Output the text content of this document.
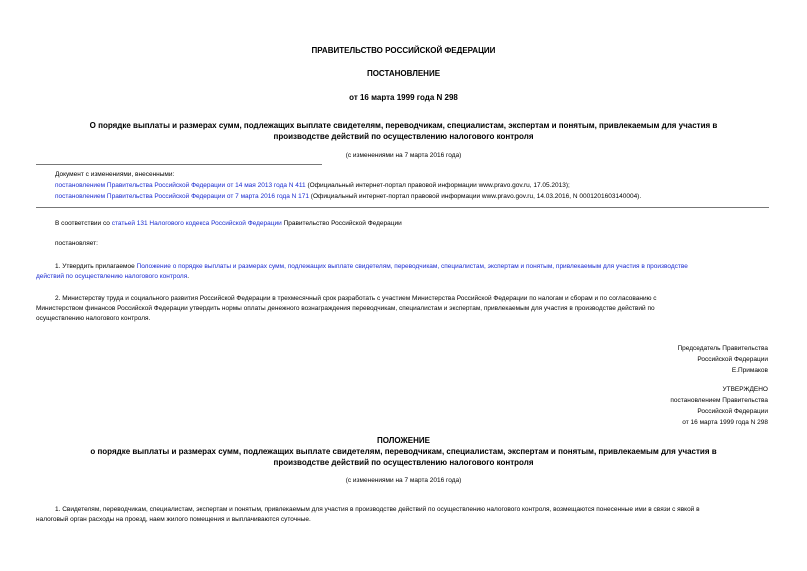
ПРАВИТЕЛЬСТВО РОССИЙСКОЙ ФЕДЕРАЦИИ
ПОСТАНОВЛЕНИЕ
от 16 марта 1999 года N 298
О порядке выплаты и размерах сумм, подлежащих выплате свидетелям, переводчикам, специалистам, экспертам и понятым, привлекаемым для участия в
производстве действий по осуществлению налогового контроля
(с изменениями на 7 марта 2016 года)
Документ с изменениями, внесенными:
постановлением Правительства Российской Федерации от 14 мая 2013 года N 411 (Официальный интернет-портал правовой информации www.pravo.gov.ru, 17.05.2013);
постановлением Правительства Российской Федерации от 7 марта 2016 года N 171 (Официальный интернет-портал правовой информации www.pravo.gov.ru, 14.03.2016, N 0001201603140004).
В соответствии со статьей 131 Налогового кодекса Российской Федерации Правительство Российской Федерации
постановляет:
1. Утвердить прилагаемое Положение о порядке выплаты и размерах сумм, подлежащих выплате свидетелям, переводчикам, специалистам, экспертам и понятым, привлекаемым для участия в производстве
действий по осуществлению налогового контроля.
2. Министерству труда и социального развития Российской Федерации в трехмесячный срок разработать с участием Министерства Российской Федерации по налогам и сборам и по согласованию с
Министерством финансов Российской Федерации утвердить нормы оплаты денежного вознаграждения переводчикам, специалистам и экспертам, привлекаемым для участия в производстве действий по
осуществлению налогового контроля.
Председатель Правительства
Российской Федерации
Е.Примаков
УТВЕРЖДЕНО
постановлением Правительства
Российской Федерации
от 16 марта 1999 года N 298
ПОЛОЖЕНИЕ
о порядке выплаты и размерах сумм, подлежащих выплате свидетелям, переводчикам, специалистам, экспертам и понятым, привлекаемым для участия в
производстве действий по осуществлению налогового контроля
(с изменениями на 7 марта 2016 года)
1. Свидетелям, переводчикам, специалистам, экспертам и понятым, привлекаемым для участия в производстве действий по осуществлению налогового контроля, возмещаются понесенные ими в связи с явкой в
налоговый орган расходы на проезд, наем жилого помещения и выплачиваются суточные.
